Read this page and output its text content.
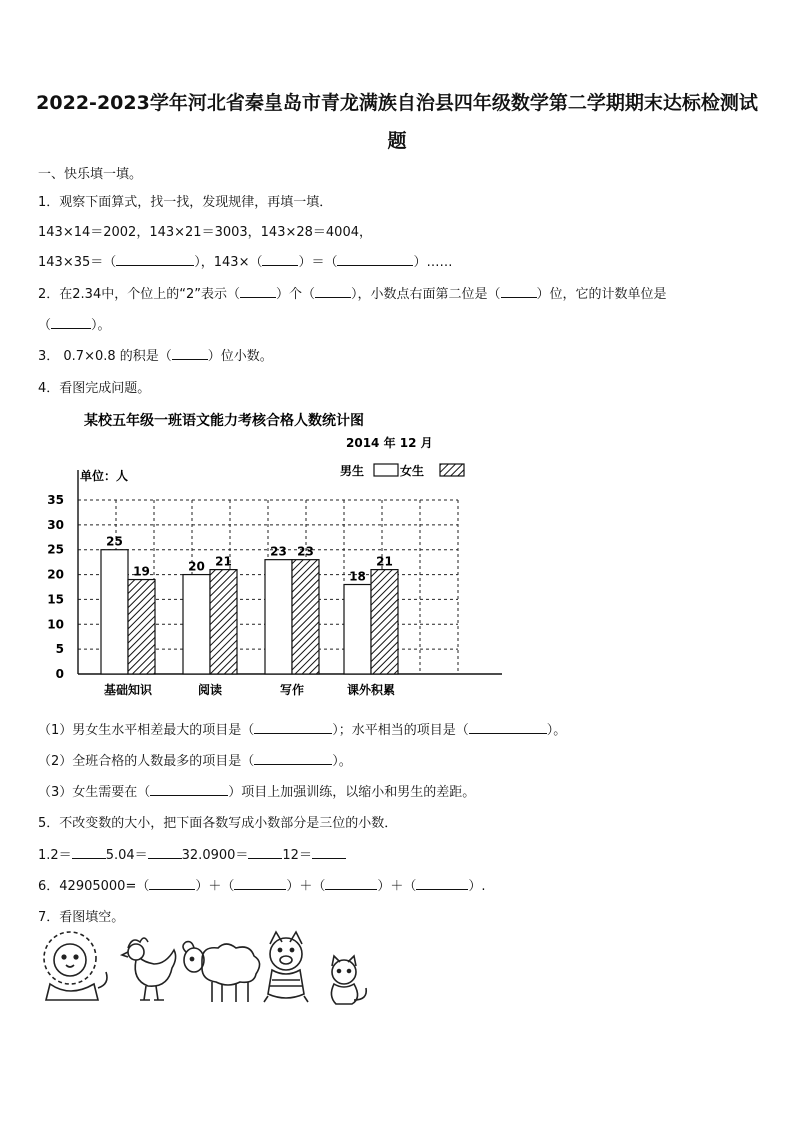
2022-2023学年河北省秦皇岛市青龙满族自治县四年级数学第二学期期末达标检测试
题
一、快乐填一填。
1．观察下面算式，找一找，发现规律，再填一填．
143×14＝2002，143×21＝3003，143×28＝4004，
143×35＝（	），143×（	）＝（	）……
2．在2.34中，个位上的“2”表示（	）个（	），小数点右面第二位是（	）位，它的计数单位是
（	）。
3． 0.7×0.8 的积是（	）位小数。
4．看图完成问题。
某校五年级一班语文能力考核合格人数统计图
2014 年 12 月
单位：人	男生	女生
0
5
10
15
20
25
30
35
25
19
基础知识
20 21
阅读
23 23
写作
18
21
课外积累
（1）男女生水平相差最大的项目是（	）；水平相当的项目是（	）。
（2）全班合格的人数最多的项目是（	）。
（3）女生需要在（	）项目上加强训练，以缩小和男生的差距。
5．不改变数的大小，把下面各数写成小数部分是三位的小数．
1.2＝	5.04＝	32.0900＝	12＝
6．42905000=（	）＋（	）＋（	）＋（	）.
7．看图填空。
